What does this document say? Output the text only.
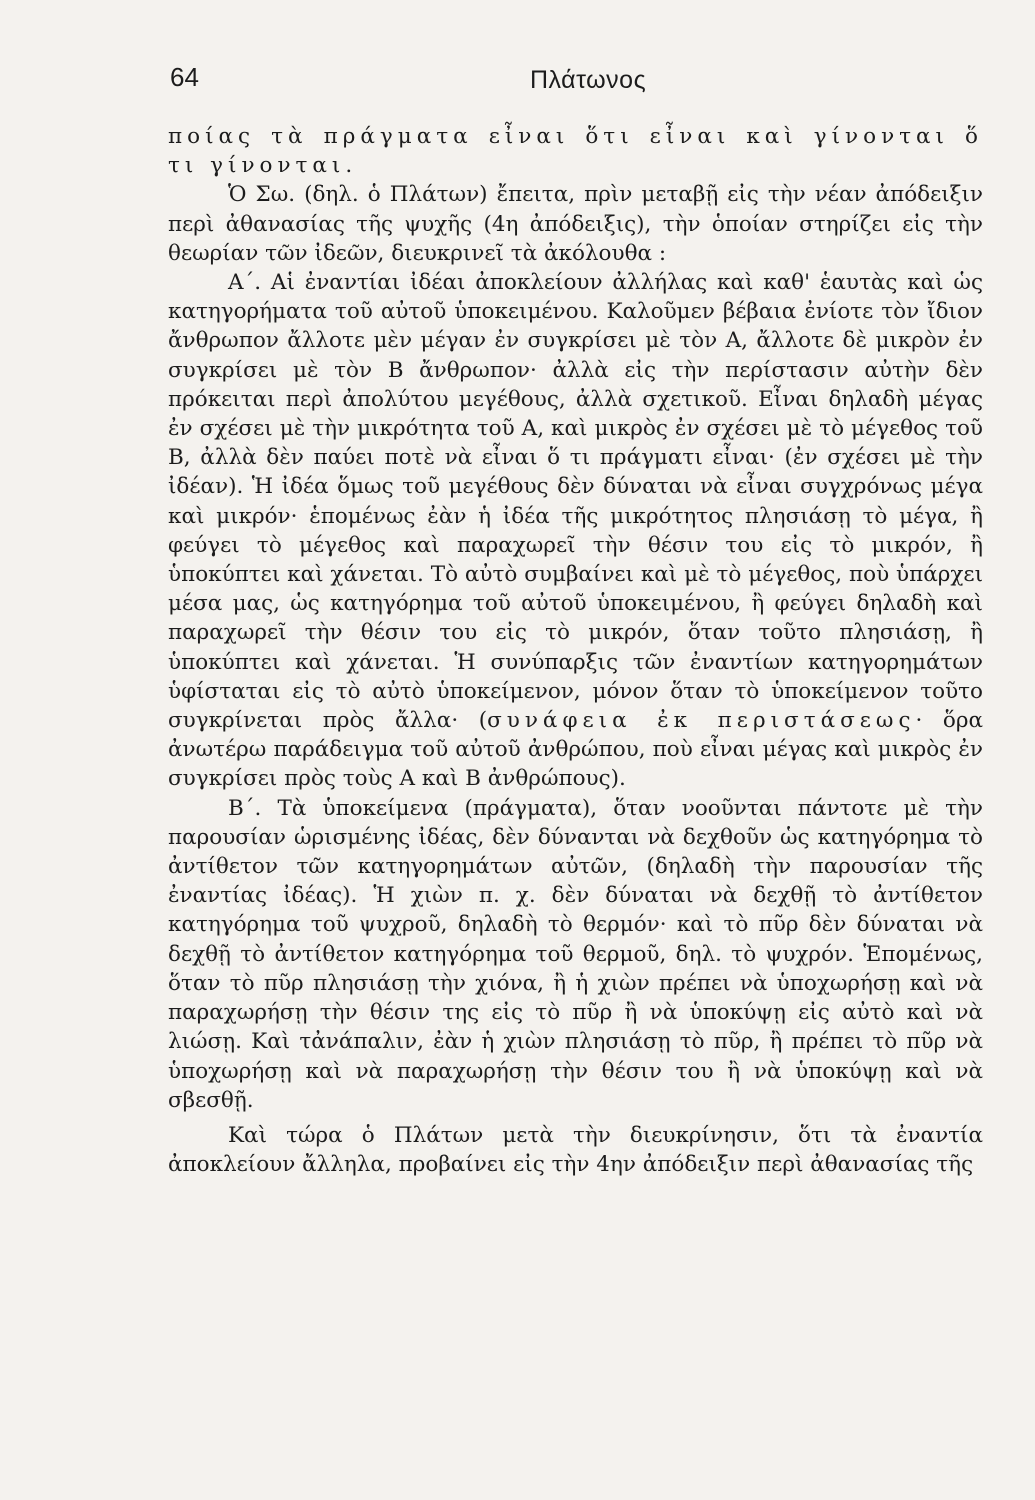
64	Πλάτωνος

ποίας τὰ πράγματα εἶναι ὅτι εἶναι καὶ γίνονται ὅ τι γίνονται.

Ὁ Σω. (δηλ. ὁ Πλάτων) ἔπειτα, πρὶν μεταβῇ εἰς τὴν νέαν ἀπόδειξιν περὶ ἀθανασίας τῆς ψυχῆς (4η ἀπόδειξις), τὴν ὁποίαν στηρίζει εἰς τὴν θεωρίαν τῶν ἰδεῶν, διευκρινεῖ τὰ ἀκόλουθα :

Α΄. Αἱ ἐναντίαι ἰδέαι ἀποκλείουν ἀλλήλας καὶ καθ' ἑαυτὰς καὶ ὡς κατηγορήματα τοῦ αὐτοῦ ὑποκειμένου. Καλοῦμεν βέβαια ἐνίοτε τὸν ἴδιον ἄνθρωπον ἄλλοτε μὲν μέγαν ἐν συγκρίσει μὲ τὸν Α, ἄλλοτε δὲ μικρὸν ἐν συγκρίσει μὲ τὸν Β ἄνθρωπον· ἀλλὰ εἰς τὴν περίστασιν αὐτὴν δὲν πρόκειται περὶ ἀπολύτου μεγέθους, ἀλλὰ σχετικοῦ. Εἶναι δηλαδὴ μέγας ἐν σχέσει μὲ τὴν μικρότητα τοῦ Α, καὶ μικρὸς ἐν σχέσει μὲ τὸ μέγεθος τοῦ Β, ἀλλὰ δὲν παύει ποτὲ νὰ εἶναι ὅ τι πράγματι εἶναι· (ἐν σχέσει μὲ τὴν ἰδέαν). Ἡ ἰδέα ὅμως τοῦ μεγέθους δὲν δύναται νὰ εἶναι συγχρόνως μέγα καὶ μικρόν· ἑπομένως ἐὰν ἡ ἰδέα τῆς μικρότητος πλησιάσῃ τὸ μέγα, ἢ φεύγει τὸ μέγεθος καὶ παραχωρεῖ τὴν θέσιν του εἰς τὸ μικρόν, ἢ ὑποκύπτει καὶ χάνεται. Τὸ αὐτὸ συμβαίνει καὶ μὲ τὸ μέγεθος, ποὺ ὑπάρχει μέσα μας, ὡς κατηγόρημα τοῦ αὐτοῦ ὑποκειμένου, ἢ φεύγει δηλαδὴ καὶ παραχωρεῖ τὴν θέσιν του εἰς τὸ μικρόν, ὅταν τοῦτο πλησιάσῃ, ἢ ὑποκύπτει καὶ χάνεται. Ἡ συνύπαρξις τῶν ἐναντίων κατηγορημάτων ὑφίσταται εἰς τὸ αὐτὸ ὑποκείμενον, μόνον ὅταν τὸ ὑποκείμενον τοῦτο συγκρίνεται πρὸς ἄλλα· (συνάφεια ἐκ περιστάσεως· ὅρα ἀνωτέρω παράδειγμα τοῦ αὐτοῦ ἀνθρώπου, ποὺ εἶναι μέγας καὶ μικρὸς ἐν συγκρίσει πρὸς τοὺς Α καὶ Β ἀνθρώπους).

Β΄. Τὰ ὑποκείμενα (πράγματα), ὅταν νοοῦνται πάντοτε μὲ τὴν παρουσίαν ὡρισμένης ἰδέας, δὲν δύνανται νὰ δεχθοῦν ὡς κατηγόρημα τὸ ἀντίθετον τῶν κατηγορημάτων αὐτῶν, (δηλαδὴ τὴν παρουσίαν τῆς ἐναντίας ἰδέας). Ἡ χιὼν π. χ. δὲν δύναται νὰ δεχθῇ τὸ ἀντίθετον κατηγόρημα τοῦ ψυχροῦ, δηλαδὴ τὸ θερμόν· καὶ τὸ πῦρ δὲν δύναται νὰ δεχθῇ τὸ ἀντίθετον κατηγόρημα τοῦ θερμοῦ, δηλ. τὸ ψυχρόν. Ἑπομένως, ὅταν τὸ πῦρ πλησιάσῃ τὴν χιόνα, ἢ ἡ χιὼν πρέπει νὰ ὑποχωρήσῃ καὶ νὰ παραχωρήσῃ τὴν θέσιν της εἰς τὸ πῦρ ἢ νὰ ὑποκύψῃ εἰς αὐτὸ καὶ νὰ λιώσῃ. Καὶ τἀνάπαλιν, ἐὰν ἡ χιὼν πλησιάσῃ τὸ πῦρ, ἢ πρέπει τὸ πῦρ νὰ ὑποχωρήσῃ καὶ νὰ παραχωρήσῃ τὴν θέσιν του ἢ νὰ ὑποκύψῃ καὶ νὰ σβεσθῇ.

Καὶ τώρα ὁ Πλάτων μετὰ τὴν διευκρίνησιν, ὅτι τὰ ἐναντία ἀποκλείουν ἄλληλα, προβαίνει εἰς τὴν 4ην ἀπόδειξιν περὶ ἀθανασίας τῆς
